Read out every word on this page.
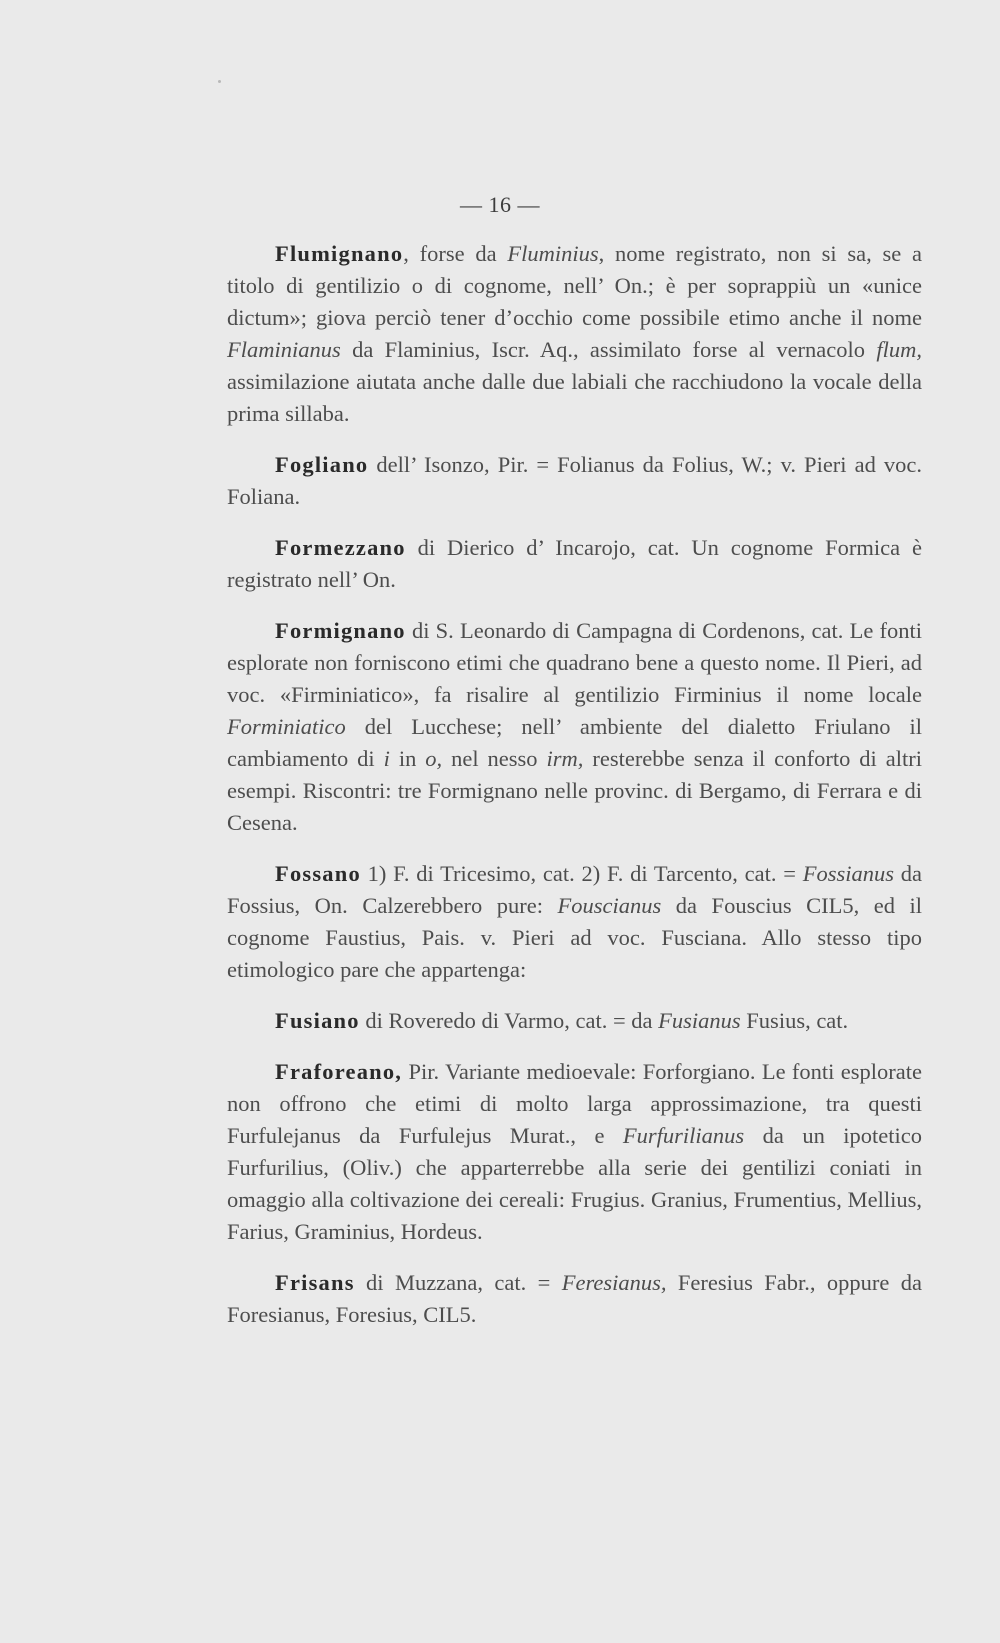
— 16 —

Flumignano, forse da Fluminius, nome registrato, non si sa, se a titolo di gentilizio o di cognome, nell’ On.; è per soprappiù un «unice dictum»; giova perciò tener d’occhio come possibile etimo anche il nome Flaminianus da Flaminius, Iscr. Aq., assimilato forse al vernacolo flum, assimilazione aiutata anche dalle due labiali che racchiudono la vocale della prima sillaba.

Fogliano dell’ Isonzo, Pir. = Folianus da Folius, W.; v. Pieri ad voc. Foliana.

Formezzano di Dierico d’ Incarojo, cat. Un cognome Formica è registrato nell’ On.

Formignano di S. Leonardo di Campagna di Cordenons, cat. Le fonti esplorate non forniscono etimi che quadrano bene a questo nome. Il Pieri, ad voc. «Firminiatico», fa risalire al gentilizio Firminius il nome locale Forminiatico del Lucchese; nell’ ambiente del dialetto Friulano il cambiamento di i in o, nel nesso irm, resterebbe senza il conforto di altri esempi. Riscontri: tre Formignano nelle provinc. di Bergamo, di Ferrara e di Cesena.

Fossano 1) F. di Tricesimo, cat. 2) F. di Tarcento, cat. = Fossianus da Fossius, On. Calzerebbero pure: Fouscianus da Fouscius CIL5, ed il cognome Faustius, Pais. v. Pieri ad voc. Fusciana. Allo stesso tipo etimologico pare che appartenga:

Fusiano di Roveredo di Varmo, cat. = da Fusianus Fusius, cat.

Fraforeano, Pir. Variante medioevale: Forforgiano. Le fonti esplorate non offrono che etimi di molto larga approssimazione, tra questi Furfulejanus da Furfulejus Murat., e Furfurilianus da un ipotetico Furfurilius, (Oliv.) che apparterrebbe alla serie dei gentilizi coniati in omaggio alla coltivazione dei cereali: Frugius. Granius, Frumentius, Mellius, Farius, Graminius, Hordeus.

Frisans di Muzzana, cat. = Feresianus, Feresius Fabr., oppure da Foresianus, Foresius, CIL5.
